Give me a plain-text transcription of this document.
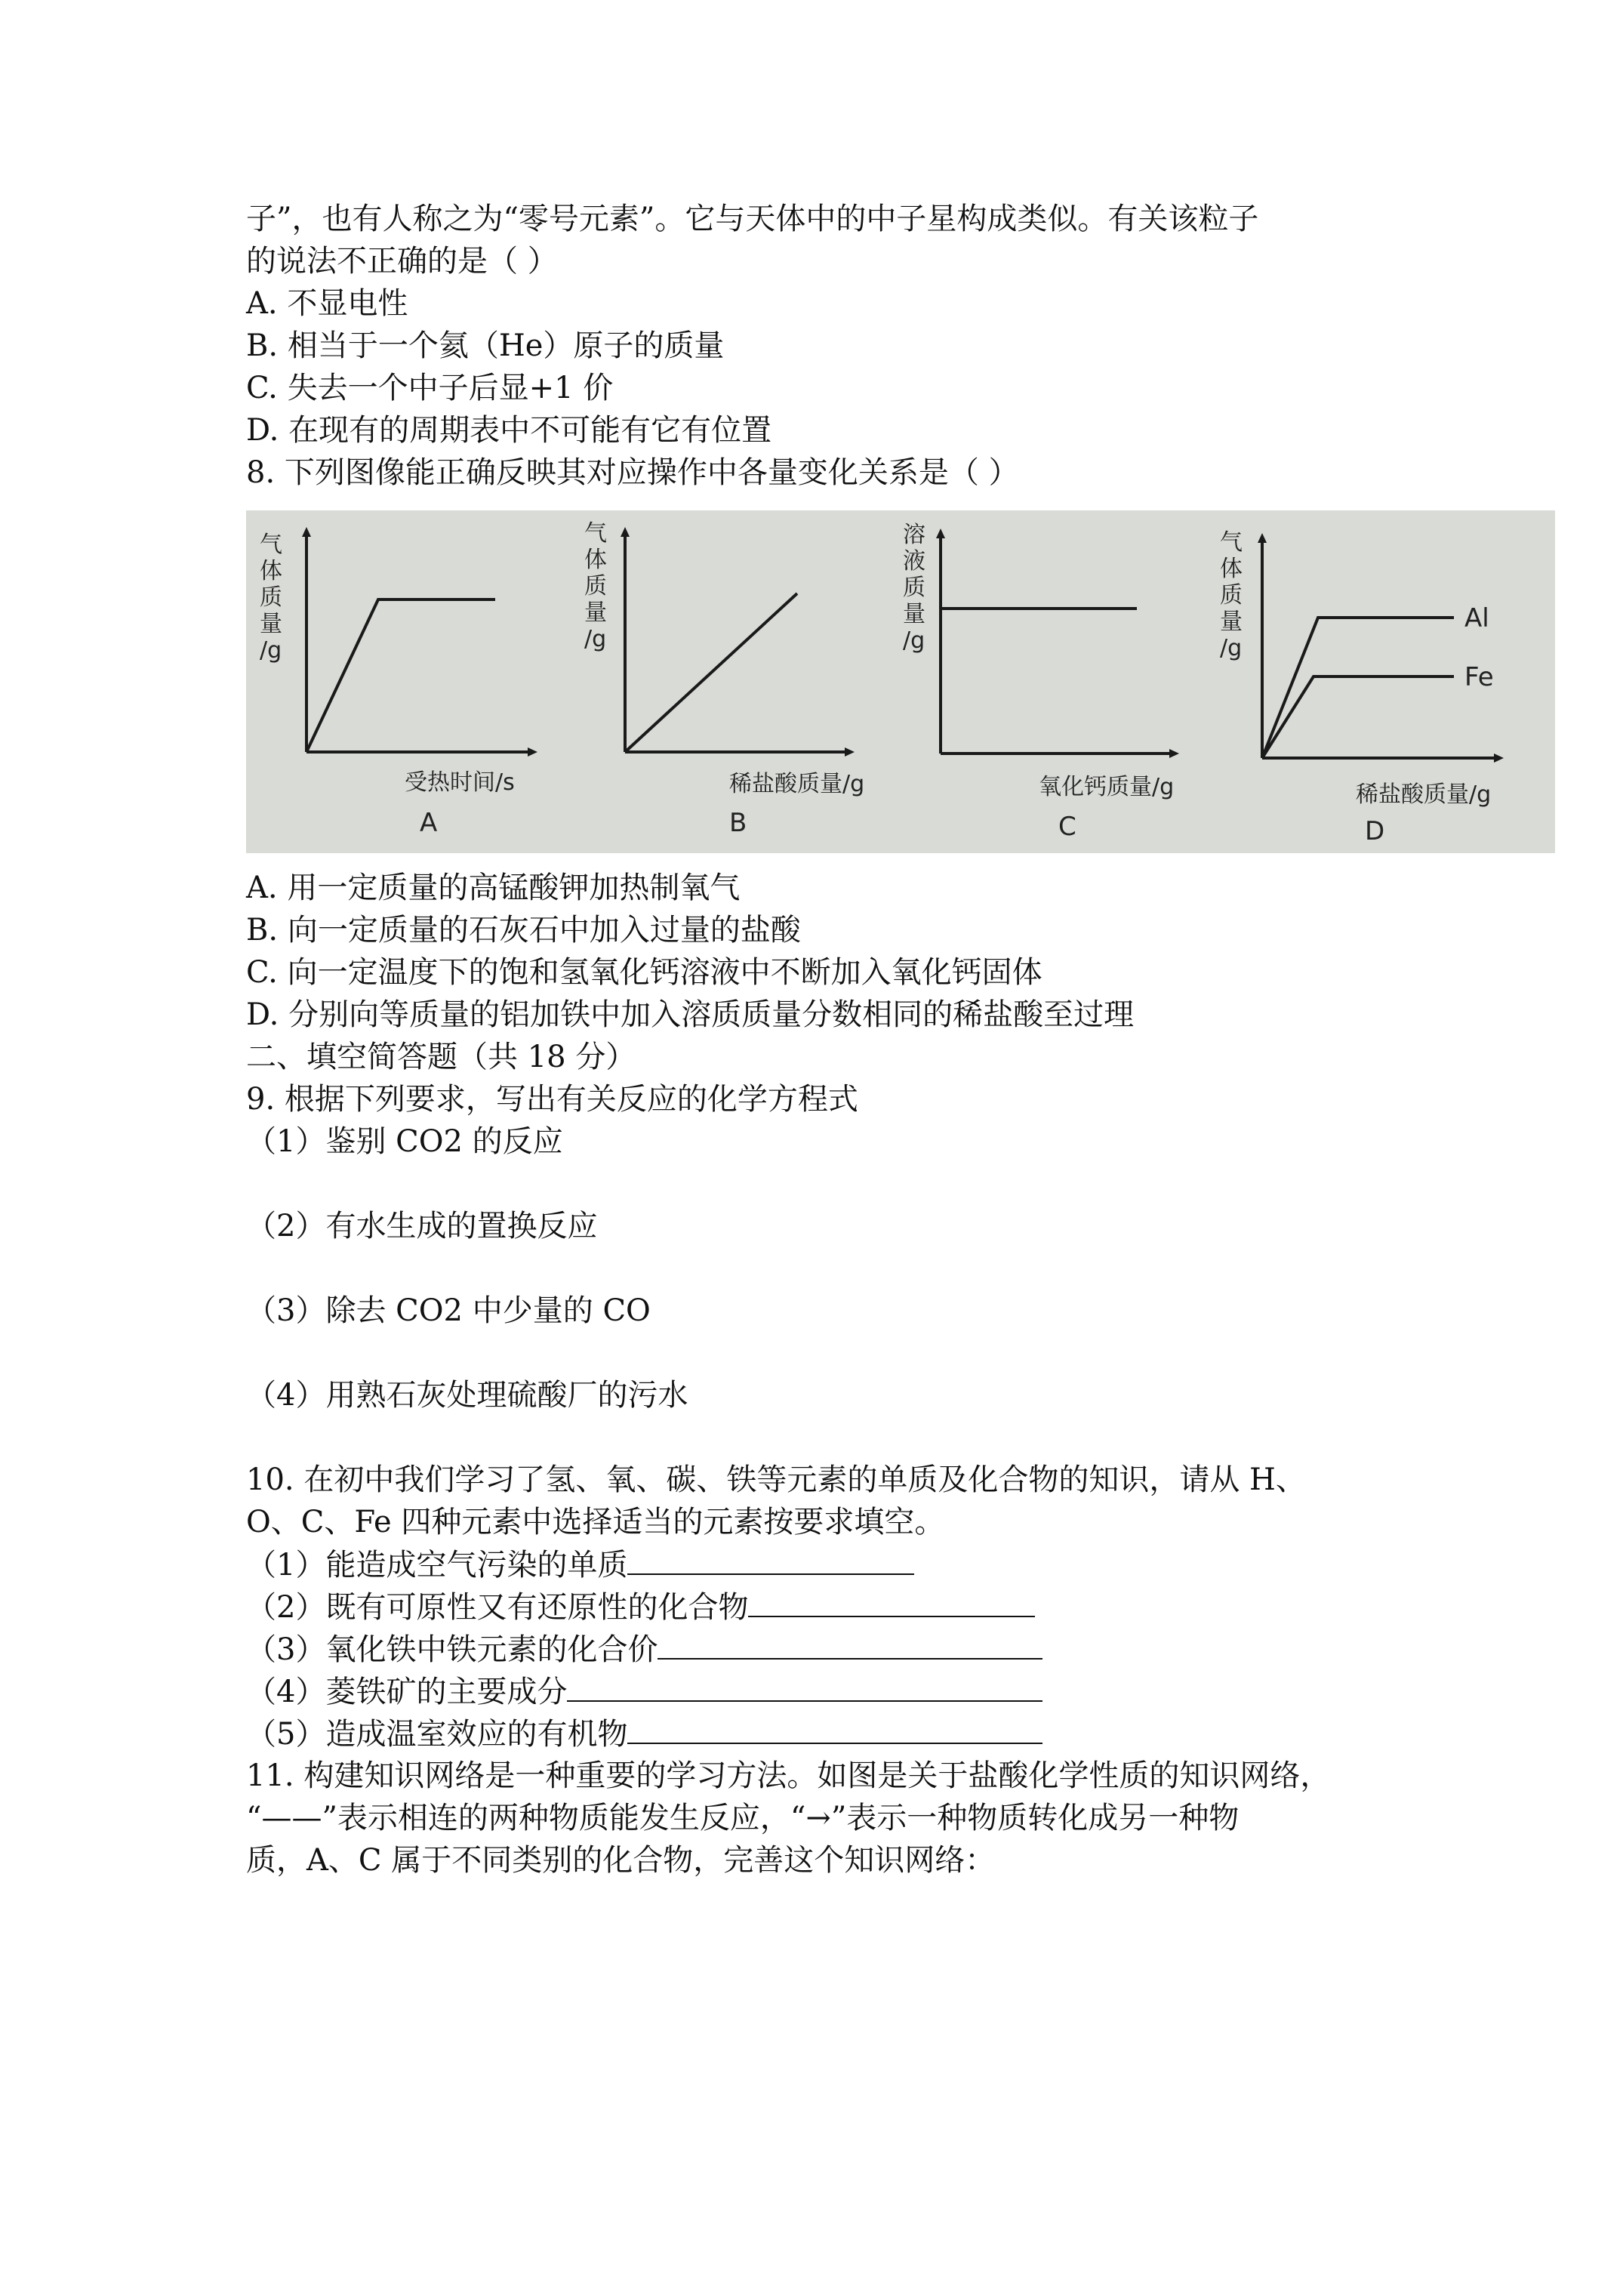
子”，也有人称之为“零号元素”。它与天体中的中子星构成类似。有关该粒子
的说法不正确的是（ ）
A. 不显电性
B. 相当于一个氦（He）原子的质量
C. 失去一个中子后显+1 价
D. 在现有的周期表中不可能有它有位置
8. 下列图像能正确反映其对应操作中各量变化关系是（ ）
气
体
质
量
/g
受热时间/s
A
气
体
质
量
/g
稀盐酸质量/g
B
溶
液
质
量
/g
氧化钙质量/g
C
气
体
质
量
/g
Al
Fe
稀盐酸质量/g
D
A. 用一定质量的高锰酸钾加热制氧气
B. 向一定质量的石灰石中加入过量的盐酸
C. 向一定温度下的饱和氢氧化钙溶液中不断加入氧化钙固体
D. 分别向等质量的铝加铁中加入溶质质量分数相同的稀盐酸至过理
二、填空简答题（共 18 分）
9. 根据下列要求，写出有关反应的化学方程式
（1）鉴别 CO2 的反应
（2）有水生成的置换反应
（3）除去 CO2 中少量的 CO
（4）用熟石灰处理硫酸厂的污水
10. 在初中我们学习了氢、氧、碳、铁等元素的单质及化合物的知识，请从 H、
O、C、Fe 四种元素中选择适当的元素按要求填空。
（1）能造成空气污染的单质
（2）既有可原性又有还原性的化合物
（3）氧化铁中铁元素的化合价
（4）菱铁矿的主要成分
（5）造成温室效应的有机物
11. 构建知识网络是一种重要的学习方法。如图是关于盐酸化学性质的知识网络，
“——”表示相连的两种物质能发生反应，“→”表示一种物质转化成另一种物
质，A、C 属于不同类别的化合物，完善这个知识网络：
